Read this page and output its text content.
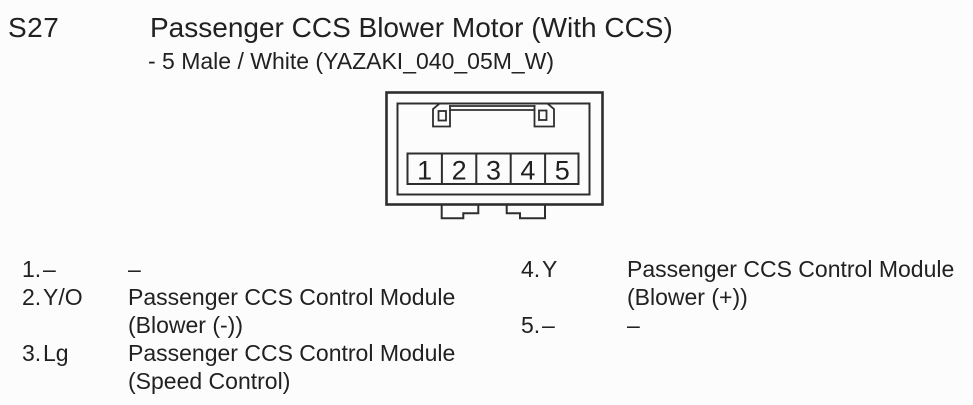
S27	Passenger CCS Blower Motor (With CCS)
- 5 Male / White (YAZAKI_040_05M_W)
1 2 3 4 5
1. –	–
2. Y/O	Passenger CCS Control Module
(Blower (-))
3. Lg	Passenger CCS Control Module
(Speed Control)
4. Y	Passenger CCS Control Module
(Blower (+))
5. –	–
